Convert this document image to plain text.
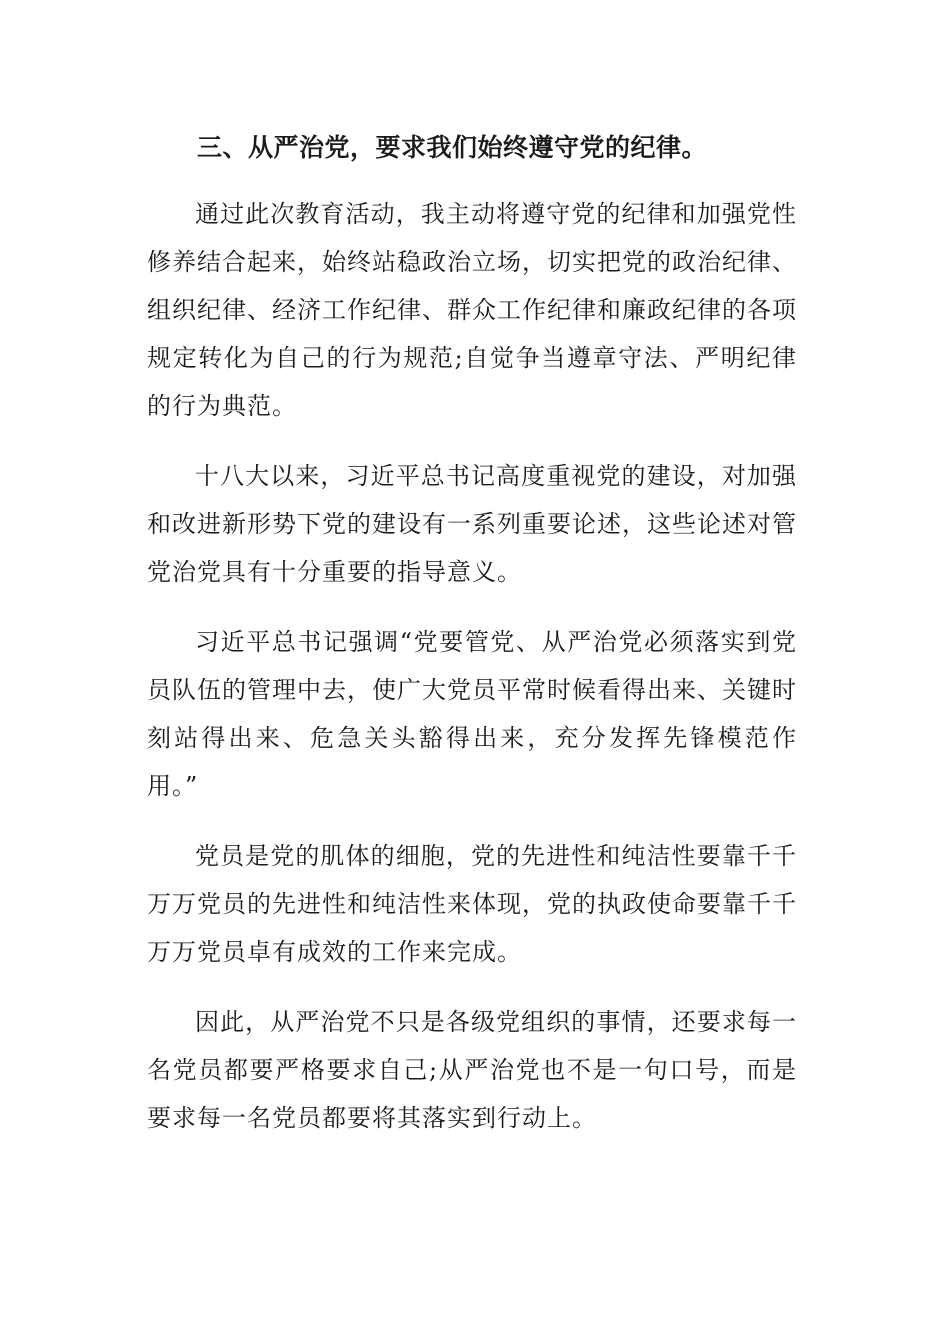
三、从严治党，要求我们始终遵守党的纪律。

通过此次教育活动，我主动将遵守党的纪律和加强党性修养结合起来，始终站稳政治立场，切实把党的政治纪律、组织纪律、经济工作纪律、群众工作纪律和廉政纪律的各项规定转化为自己的行为规范;自觉争当遵章守法、严明纪律的行为典范。

十八大以来，习近平总书记高度重视党的建设，对加强和改进新形势下党的建设有一系列重要论述，这些论述对管党治党具有十分重要的指导意义。

习近平总书记强调“党要管党、从严治党必须落实到党员队伍的管理中去，使广大党员平常时候看得出来、关键时刻站得出来、危急关头豁得出来，充分发挥先锋模范作用。”

党员是党的肌体的细胞，党的先进性和纯洁性要靠千千万万党员的先进性和纯洁性来体现，党的执政使命要靠千千万万党员卓有成效的工作来完成。

因此，从严治党不只是各级党组织的事情，还要求每一名党员都要严格要求自己;从严治党也不是一句口号，而是要求每一名党员都要将其落实到行动上。
